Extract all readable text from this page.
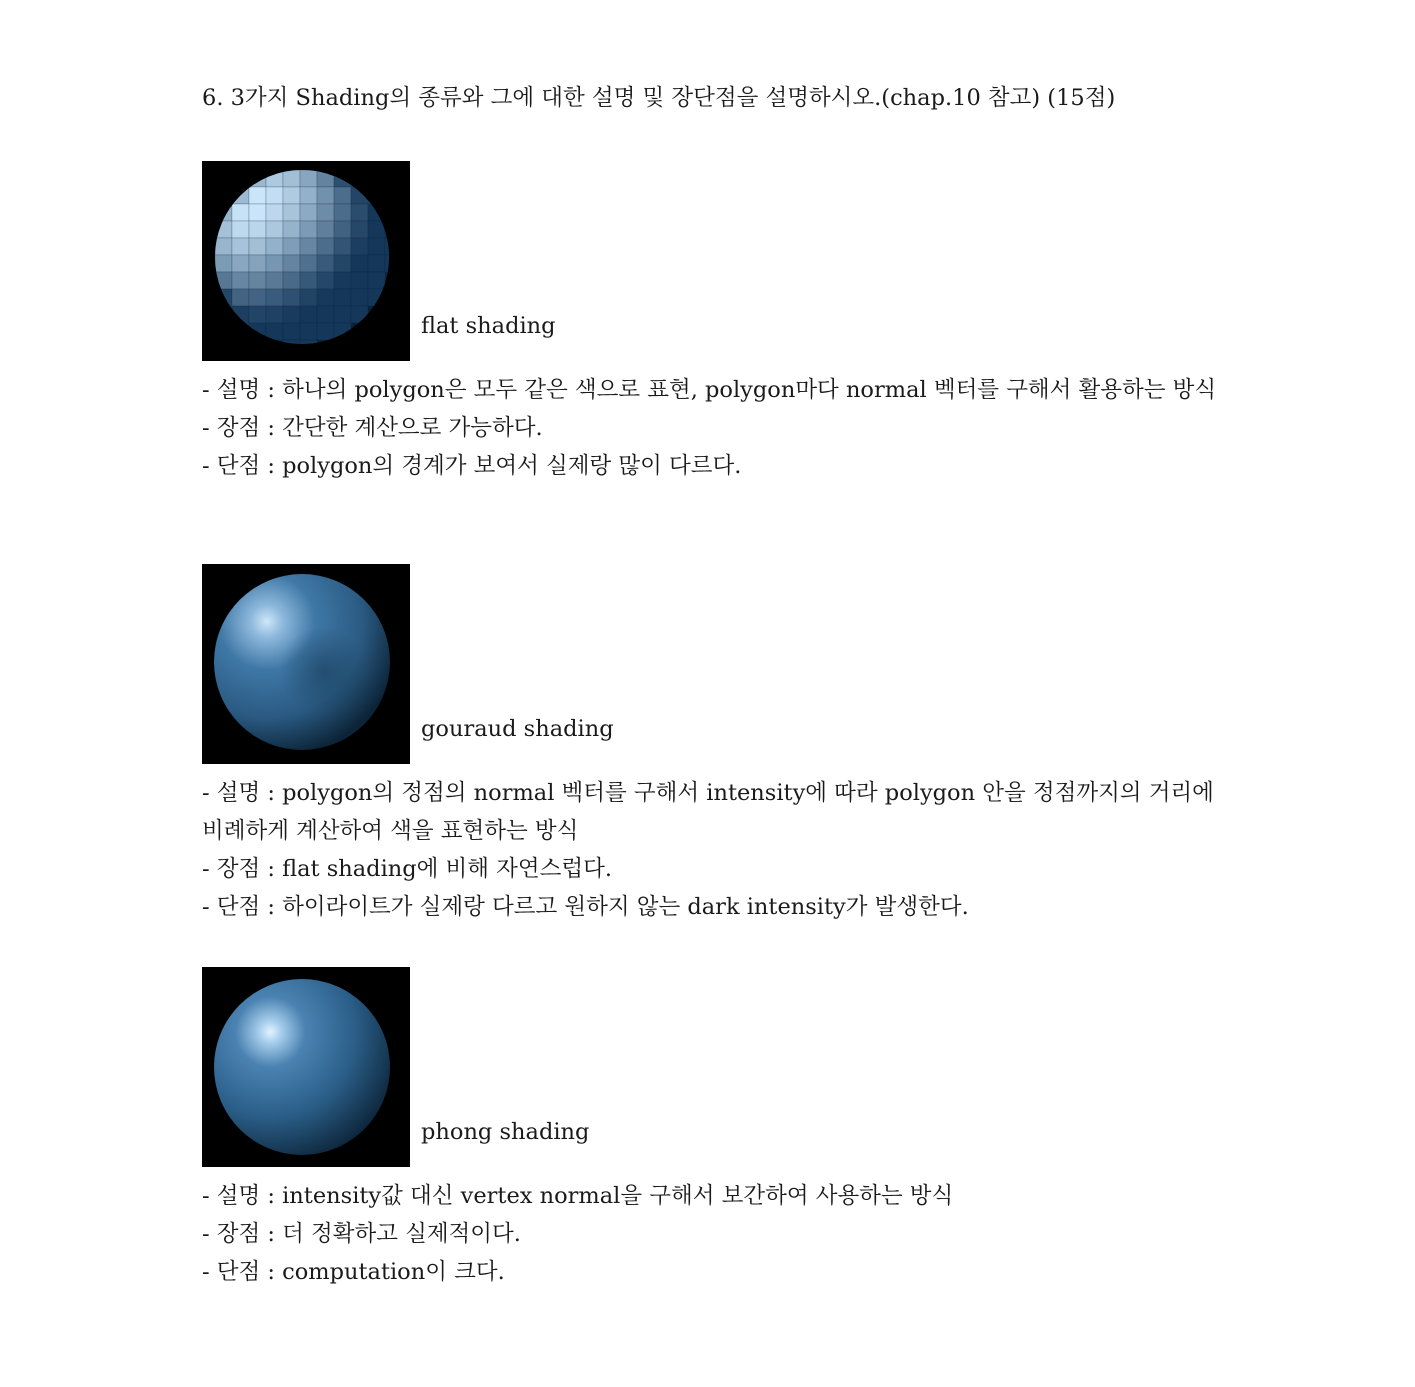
6. 3가지 Shading의 종류와 그에 대한 설명 및 장단점을 설명하시오.(chap.10 참고) (15점)
flat shading
- 설명 : 하나의 polygon은 모두 같은 색으로 표현, polygon마다 normal 벡터를 구해서 활용하는 방식
- 장점 : 간단한 계산으로 가능하다.
- 단점 : polygon의 경계가 보여서 실제랑 많이 다르다.
gouraud shading
- 설명 : polygon의 정점의 normal 벡터를 구해서 intensity에 따라 polygon 안을 정점까지의 거리에 비례하게 계산하여 색을 표현하는 방식
- 장점 : flat shading에 비해 자연스럽다.
- 단점 : 하이라이트가 실제랑 다르고 원하지 않는 dark intensity가 발생한다.
phong shading
- 설명 : intensity값 대신 vertex normal을 구해서 보간하여 사용하는 방식
- 장점 : 더 정확하고 실제적이다.
- 단점 : computation이 크다.
